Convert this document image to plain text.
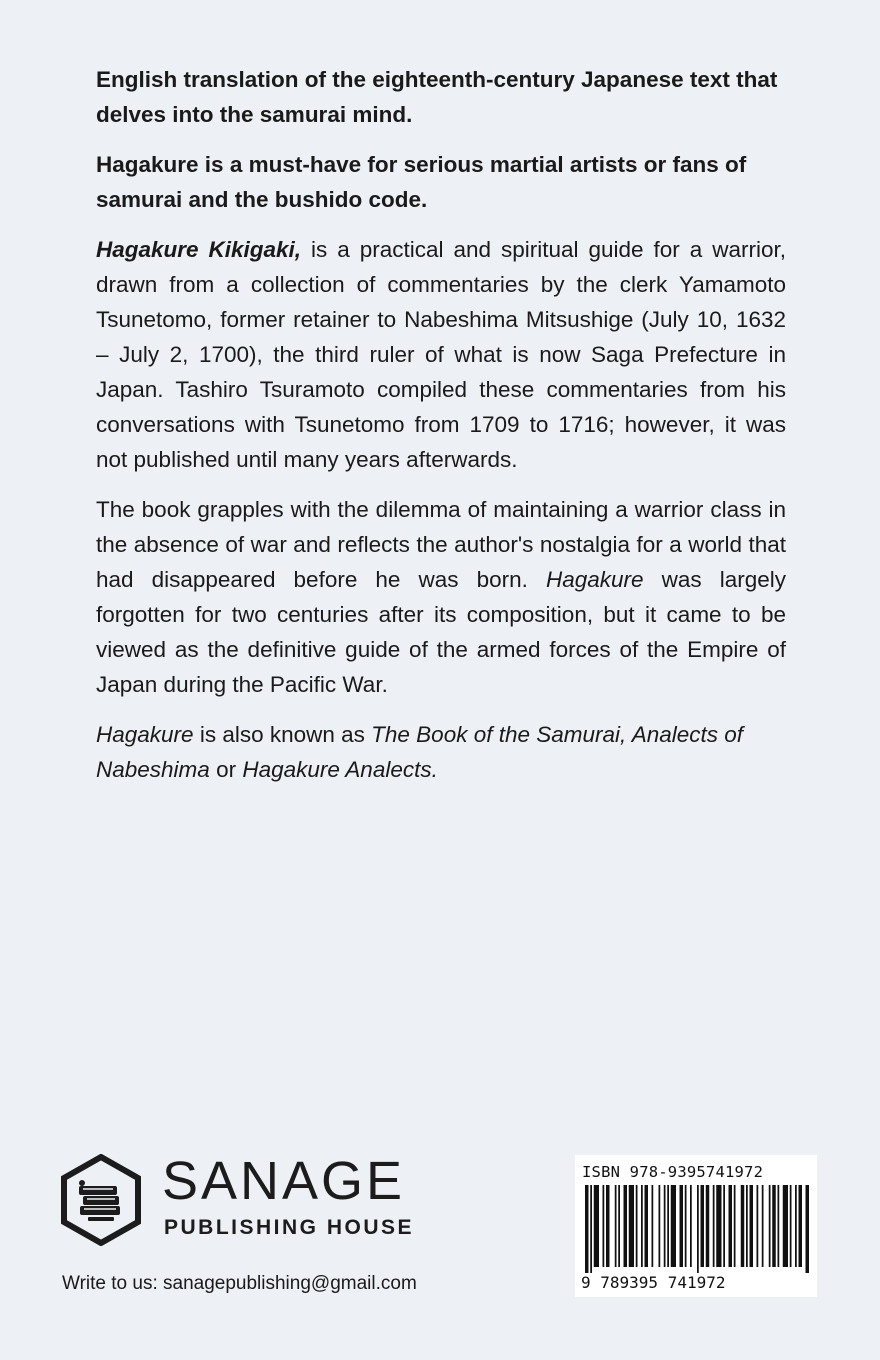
English translation of the eighteenth-century Japanese text that delves into the samurai mind.

Hagakure is a must-have for serious martial artists or fans of samurai and the bushido code.

Hagakure Kikigaki, is a practical and spiritual guide for a warrior, drawn from a collection of commentaries by the clerk Yamamoto Tsunetomo, former retainer to Nabeshima Mitsushige (July 10, 1632 – July 2, 1700), the third ruler of what is now Saga Prefecture in Japan. Tashiro Tsuramoto compiled these commentaries from his conversations with Tsunetomo from 1709 to 1716; however, it was not published until many years afterwards.

The book grapples with the dilemma of maintaining a warrior class in the absence of war and reflects the author's nostalgia for a world that had disappeared before he was born. Hagakure was largely forgotten for two centuries after its composition, but it came to be viewed as the definitive guide of the armed forces of the Empire of Japan during the Pacific War.

Hagakure is also known as The Book of the Samurai, Analects of Nabeshima or Hagakure Analects.

SANAGE
PUBLISHING HOUSE
Write to us: sanagepublishing@gmail.com
ISBN 978-9395741972
9 789395 741972
